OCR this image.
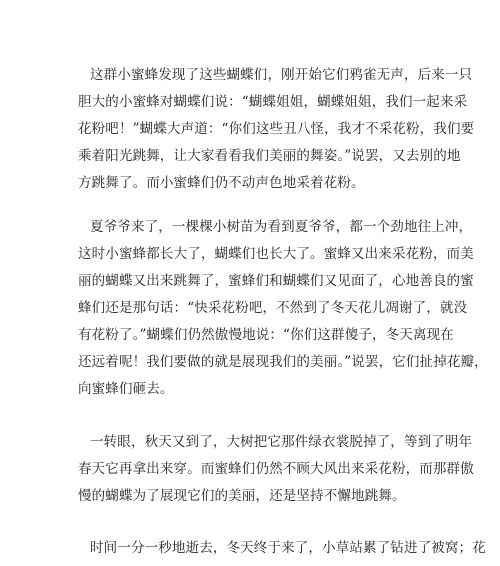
这群小蜜蜂发现了这些蝴蝶们，刚开始它们鸦雀无声，后来一只
胆大的小蜜蜂对蝴蝶们说：“蝴蝶姐姐，蝴蝶姐姐，我们一起来采
花粉吧！”蝴蝶大声道：“你们这些丑八怪，我才不采花粉，我们要
乘着阳光跳舞，让大家看看我们美丽的舞姿。”说罢，又去别的地
方跳舞了。而小蜜蜂们仍不动声色地采着花粉。
夏爷爷来了，一棵棵小树苗为看到夏爷爷，都一个劲地往上冲，
这时小蜜蜂都长大了，蝴蝶们也长大了。蜜蜂又出来采花粉，而美
丽的蝴蝶又出来跳舞了，蜜蜂们和蝴蝶们又见面了，心地善良的蜜
蜂们还是那句话：“快采花粉吧，不然到了冬天花儿凋谢了，就没
有花粉了。”蝴蝶们仍然傲慢地说：“你们这群傻子，冬天离现在
还远着呢！我们要做的就是展现我们的美丽。”说罢，它们扯掉花瓣，
向蜜蜂们砸去。
一转眼，秋天又到了，大树把它那件绿衣裳脱掉了，等到了明年
春天它再拿出来穿。而蜜蜂们仍然不顾大风出来采花粉，而那群傲
慢的蝴蝶为了展现它们的美丽，还是坚持不懈地跳舞。
时间一分一秒地逝去，冬天终于来了，小草站累了钻进了被窝；花
